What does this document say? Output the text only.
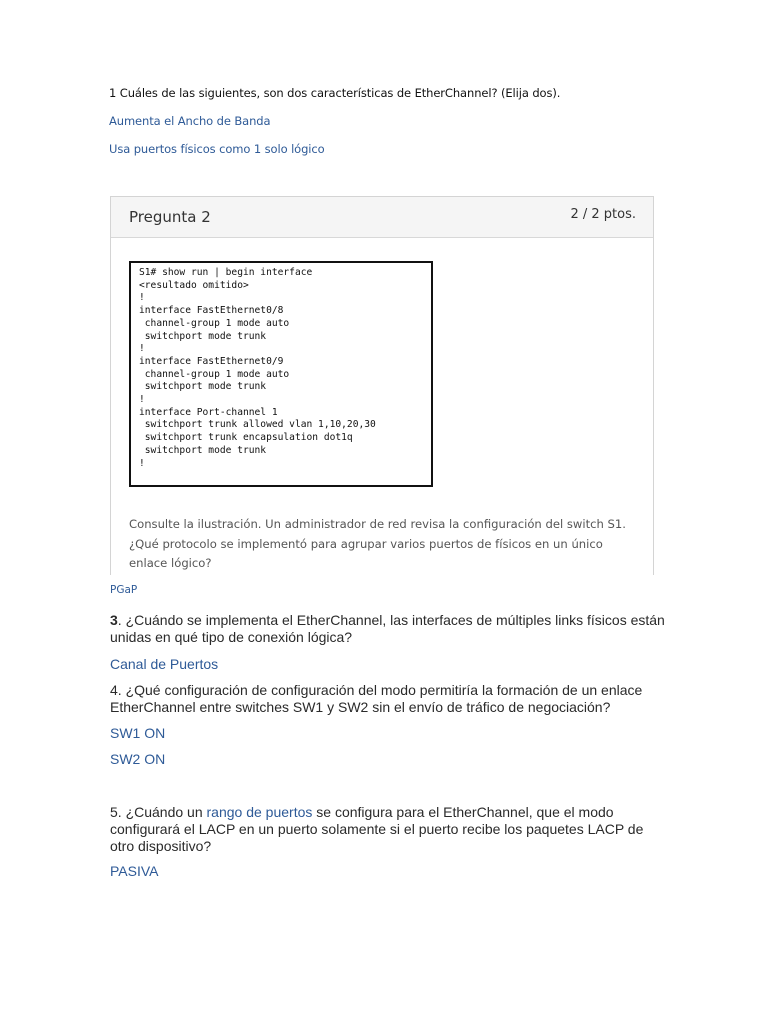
1 Cuáles de las siguientes, son dos características de EtherChannel? (Elija dos).
Aumenta el Ancho de Banda
Usa puertos físicos como 1 solo lógico
Pregunta 2	2 / 2 ptos.
S1# show run | begin interface
<resultado omitido>
!
interface FastEthernet0/8
channel-group 1 mode auto
switchport mode trunk
!
interface FastEthernet0/9
channel-group 1 mode auto
switchport mode trunk
!
interface Port-channel 1
switchport trunk allowed vlan 1,10,20,30
switchport trunk encapsulation dot1q
switchport mode trunk
!
Consulte la ilustración. Un administrador de red revisa la configuración del switch S1. ¿Qué protocolo se implementó para agrupar varios puertos de físicos en un único enlace lógico?
PGaP
3. ¿Cuándo se implementa el EtherChannel, las interfaces de múltiples links físicos están unidas en qué tipo de conexión lógica?
Canal de Puertos
4. ¿Qué configuración de configuración del modo permitiría la formación de un enlace EtherChannel entre switches SW1 y SW2 sin el envío de tráfico de negociación?
SW1 ON
SW2 ON
5. ¿Cuándo un rango de puertos se configura para el EtherChannel, que el modo configurará el LACP en un puerto solamente si el puerto recibe los paquetes LACP de otro dispositivo?
PASIVA
